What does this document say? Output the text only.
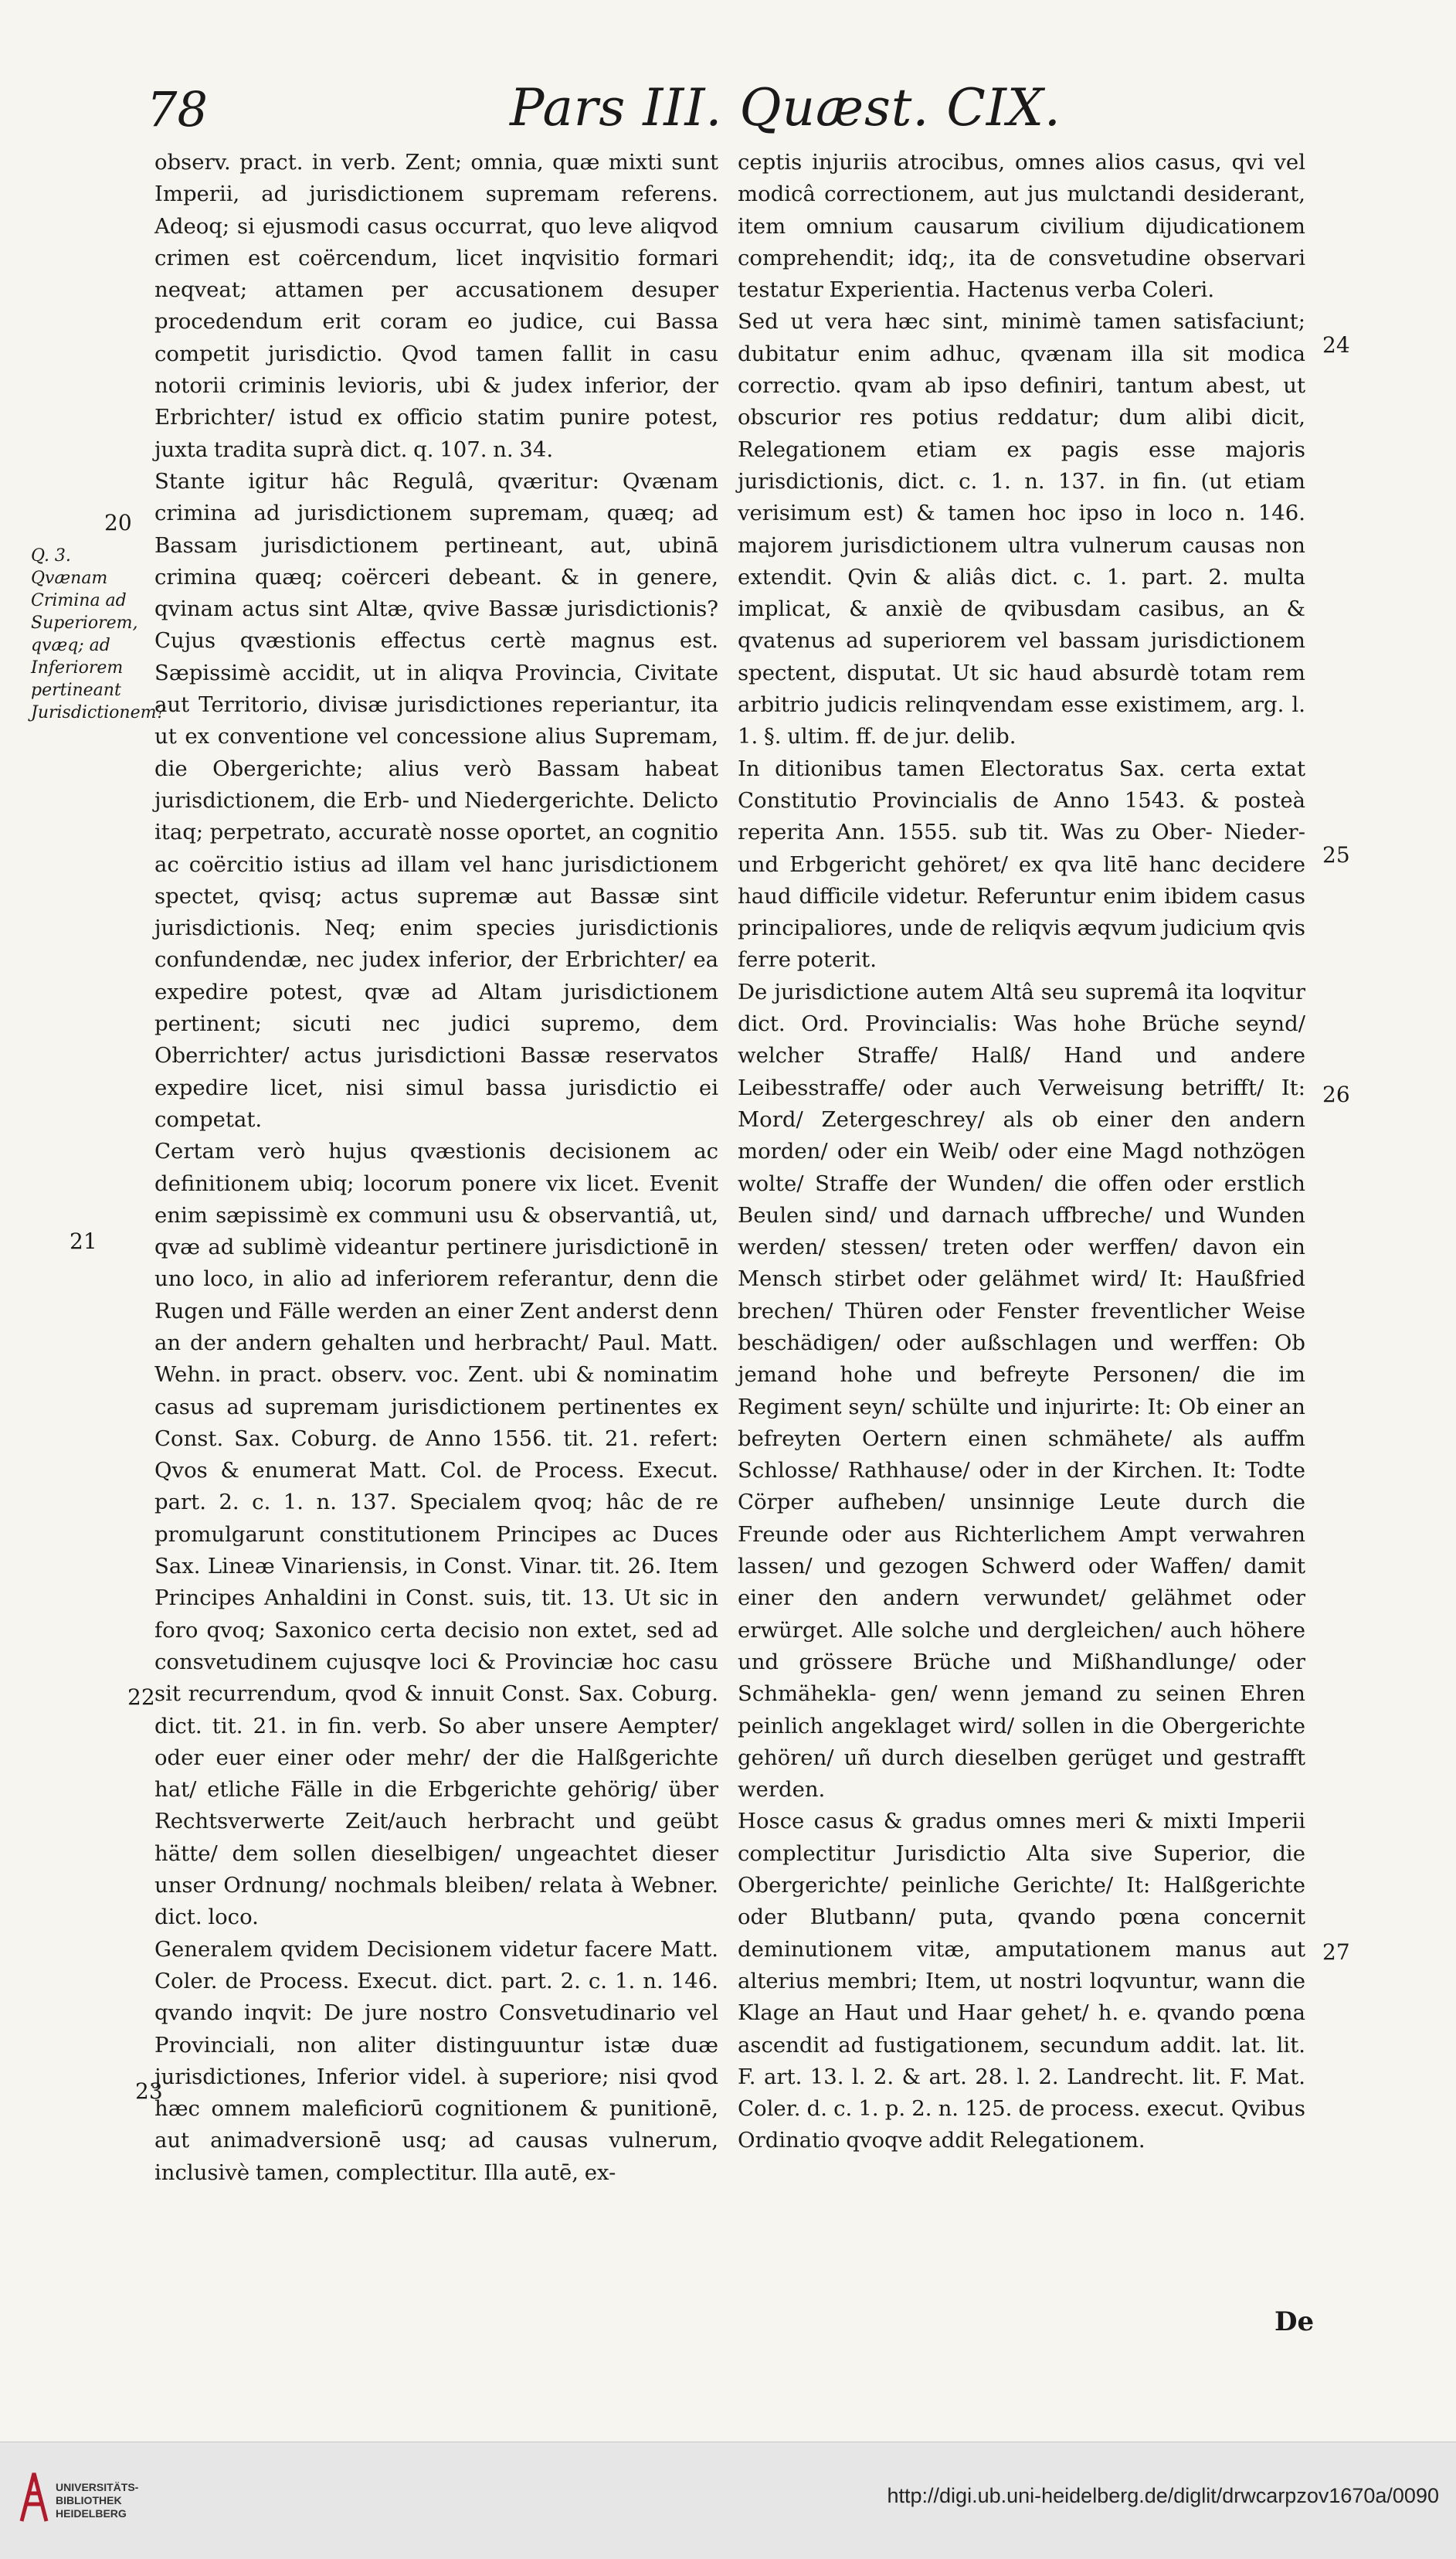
78	Pars III. Quæst. CIX.
observ. pract. in verb. Zent; omnia, quæ mixti sunt Imperii, ad jurisdictionem supremam referens. Adeoq; si ejusmodi casus occurrat, quo leve aliqvod crimen est coërcendum, licet inqvisitio formari neqveat; attamen per accusationem desuper procedendum erit coram eo judice, cui Bassa competit jurisdictio. Qvod tamen fallit in casu notorii criminis levioris, ubi & judex inferior, der Erbrichter/ istud ex officio statim punire potest, juxta tradita suprà dict. q. 107. n. 34.
Stante igitur hâc Regulâ, qværitur: Qvænam crimina ad jurisdictionem supremam, quæq; ad Bassam jurisdictionem pertineant, aut, ubinā crimina quæq; coërceri debeant. & in genere, qvinam actus sint Altæ, qvive Bassæ jurisdictionis? Cujus qvæstionis effectus certè magnus est. Sæpissimè accidit, ut in aliqva Provincia, Civitate aut Territorio, divisæ jurisdictiones reperiantur, ita ut ex conventione vel concessione alius Supremam, die Obergerichte; alius verò Bassam habeat jurisdictionem, die Erb- und Niedergerichte. Delicto itaq; perpetrato, accuratè nosse oportet, an cognitio ac coërcitio istius ad illam vel hanc jurisdictionem spectet, qvisq; actus supremæ aut Bassæ sint jurisdictionis. Neq; enim species jurisdictionis confundendæ, nec judex inferior, der Erbrichter/ ea expedire potest, qvæ ad Altam jurisdictionem pertinent; sicuti nec judici supremo, dem Oberrichter/ actus jurisdictioni Bassæ reservatos expedire licet, nisi simul bassa jurisdictio ei competat.
Certam verò hujus qvæstionis decisionem ac definitionem ubiq; locorum ponere vix licet. Evenit enim sæpissimè ex communi usu & observantiâ, ut, qvæ ad sublimè videantur pertinere jurisdictionē in uno loco, in alio ad inferiorem referantur, denn die Rugen und Fälle werden an einer Zent anderst denn an der andern gehalten und herbracht/ Paul. Matt. Wehn. in pract. observ. voc. Zent. ubi & nominatim casus ad supremam jurisdictionem pertinentes ex Const. Sax. Coburg. de Anno 1556. tit. 21. refert: Qvos & enumerat Matt. Col. de Process. Execut. part. 2. c. 1. n. 137. Specialem qvoq; hâc de re promulgarunt constitutionem Principes ac Duces Sax. Lineæ Vinariensis, in Const. Vinar. tit. 26. Item Principes Anhaldini in Const. suis, tit. 13. Ut sic in foro qvoq; Saxonico certa decisio non extet, sed ad consvetudinem cujusqve loci & Provinciæ hoc casu sit recurrendum, qvod & innuit Const. Sax. Coburg. dict. tit. 21. in fin. verb. So aber unsere Aempter/ oder euer einer oder mehr/ der die Halßgerichte hat/ etliche Fälle in die Erbgerichte gehörig/ über Rechtsverwerte Zeit/auch herbracht und geübt hätte/ dem sollen dieselbigen/ ungeachtet dieser unser Ordnung/ nochmals bleiben/ relata à Webner. dict. loco.
Generalem qvidem Decisionem videtur facere Matt. Coler. de Process. Execut. dict. part. 2. c. 1. n. 146. qvando inqvit: De jure nostro Consvetudinario vel Provinciali, non aliter distinguuntur istæ duæ jurisdictiones, Inferior videl. à superiore; nisi qvod hæc omnem maleficiorū cognitionem & punitionē, aut animadversionē usq; ad causas vulnerum, inclusivè tamen, complectitur. Illa autē, ex-
ceptis injuriis atrocibus, omnes alios casus, qvi vel modicâ correctionem, aut jus mulctandi desiderant, item omnium causarum civilium dijudicationem comprehendit; idq;, ita de consvetudine observari testatur Experientia. Hactenus verba Coleri.
Sed ut vera hæc sint, minimè tamen satisfaciunt; dubitatur enim adhuc, qvænam illa sit modica correctio. qvam ab ipso definiri, tantum abest, ut obscurior res potius reddatur; dum alibi dicit, Relegationem etiam ex pagis esse majoris jurisdictionis, dict. c. 1. n. 137. in fin. (ut etiam verisimum est) & tamen hoc ipso in loco n. 146. majorem jurisdictionem ultra vulnerum causas non extendit. Qvin & aliâs dict. c. 1. part. 2. multa implicat, & anxiè de qvibusdam casibus, an & qvatenus ad superiorem vel bassam jurisdictionem spectent, disputat. Ut sic haud absurdè totam rem arbitrio judicis relinqvendam esse existimem, arg. l. 1. §. ultim. ff. de jur. delib.
In ditionibus tamen Electoratus Sax. certa extat Constitutio Provincialis de Anno 1543. & posteà reperita Ann. 1555. sub tit. Was zu Ober- Nieder- und Erbgericht gehöret/ ex qva litē hanc decidere haud difficile videtur. Referuntur enim ibidem casus principaliores, unde de reliqvis æqvum judicium qvis ferre poterit.
De jurisdictione autem Altâ seu supremâ ita loqvitur dict. Ord. Provincialis: Was hohe Brüche seynd/ welcher Straffe/ Halß/ Hand und andere Leibesstraffe/ oder auch Verweisung betrifft/ It: Mord/ Zetergeschrey/ als ob einer den andern morden/ oder ein Weib/ oder eine Magd nothzögen wolte/ Straffe der Wunden/ die offen oder erstlich Beulen sind/ und darnach uffbreche/ und Wunden werden/ stessen/ treten oder werffen/ davon ein Mensch stirbet oder gelähmet wird/ It: Haußfried brechen/ Thüren oder Fenster freventlicher Weise beschädigen/ oder außschlagen und werffen: Ob jemand hohe und befreyte Personen/ die im Regiment seyn/ schülte und injurirte: It: Ob einer an befreyten Oertern einen schmähete/ als auffm Schlosse/ Rathhause/ oder in der Kirchen. It: Todte Cörper aufheben/ unsinnige Leute durch die Freunde oder aus Richterlichem Ampt verwahren lassen/ und gezogen Schwerd oder Waffen/ damit einer den andern verwundet/ gelähmet oder erwürget. Alle solche und dergleichen/ auch höhere und grössere Brüche und Mißhandlunge/ oder Schmähekla- gen/ wenn jemand zu seinen Ehren peinlich angeklaget wird/ sollen in die Obergerichte gehören/ uñ durch dieselben gerüget und gestrafft werden.
Hosce casus & gradus omnes meri & mixti Imperii complectitur Jurisdictio Alta sive Superior, die Obergerichte/ peinliche Gerichte/ It: Halßgerichte oder Blutbann/ puta, qvando pœna concernit deminutionem vitæ, amputationem manus aut alterius membri; Item, ut nostri loqvuntur, wann die Klage an Haut und Haar gehet/ h. e. qvando pœna ascendit ad fustigationem, secundum addit. lat. lit. F. art. 13. l. 2. & art. 28. l. 2. Landrecht. lit. F. Mat. Coler. d. c. 1. p. 2. n. 125. de process. execut. Qvibus Ordinatio qvoqve addit Relegationem.
Q. 3. Qvænam Crimina ad Superiorem, qvæq; ad Inferiorem pertineant Jurisdictionem?
20
21
22
23
24
25
26
27
De
UNIVERSITÄTS-
BIBLIOTHEK
HEIDELBERG
http://digi.ub.uni-heidelberg.de/diglit/drwcarpzov1670a/0090
